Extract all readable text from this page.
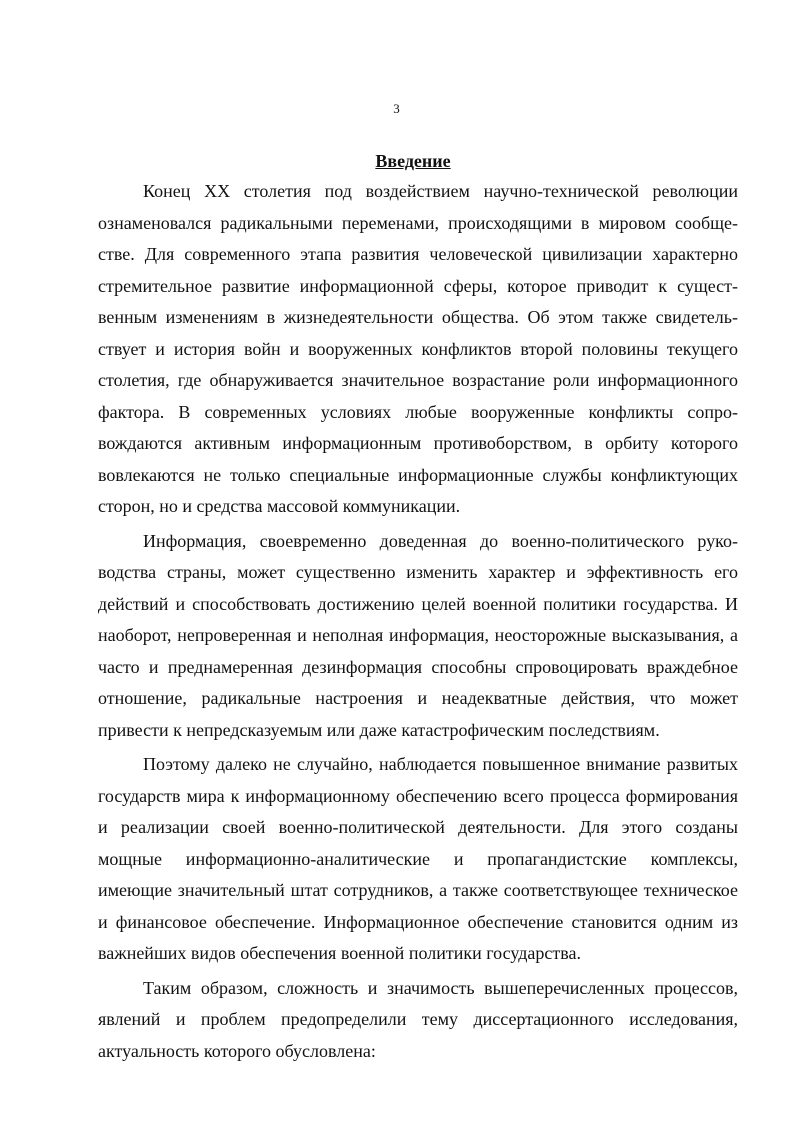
3
Введение

Конец XX столетия под воздействием научно-технической революции ознаменовался радикальными переменами, происходящими в мировом сообществе. Для современного этапа развития человеческой цивилизации характерно стремительное развитие информационной сферы, которое приводит к существенным изменениям в жизнедеятельности общества. Об этом также свидетельствует и история войн и вооруженных конфликтов второй половины текущего столетия, где обнаруживается значительное возрастание роли информационного фактора. В современных условиях любые вооруженные конфликты сопровождаются активным информационным противоборством, в орбиту которого вовлекаются не только специальные информационные службы конфликтующих сторон, но и средства массовой коммуникации.

Информация, своевременно доведенная до военно-политического руководства страны, может существенно изменить характер и эффективность его действий и способствовать достижению целей военной политики государства. И наоборот, непроверенная и неполная информация, неосторожные высказывания, а часто и преднамеренная дезинформация способны спровоцировать враждебное отношение, радикальные настроения и неадекватные действия, что может привести к непредсказуемым или даже катастрофическим последствиям.

Поэтому далеко не случайно, наблюдается повышенное внимание развитых государств мира к информационному обеспечению всего процесса формирования и реализации своей военно-политической деятельности. Для этого созданы мощные информационно-аналитические и пропагандистские комплексы, имеющие значительный штат сотрудников, а также соответствующее техническое и финансовое обеспечение. Информационное обеспечение становится одним из важнейших видов обеспечения военной политики государства.

Таким образом, сложность и значимость вышеперечисленных процессов, явлений и проблем предопределили тему диссертационного исследования, актуальность которого обусловлена:
